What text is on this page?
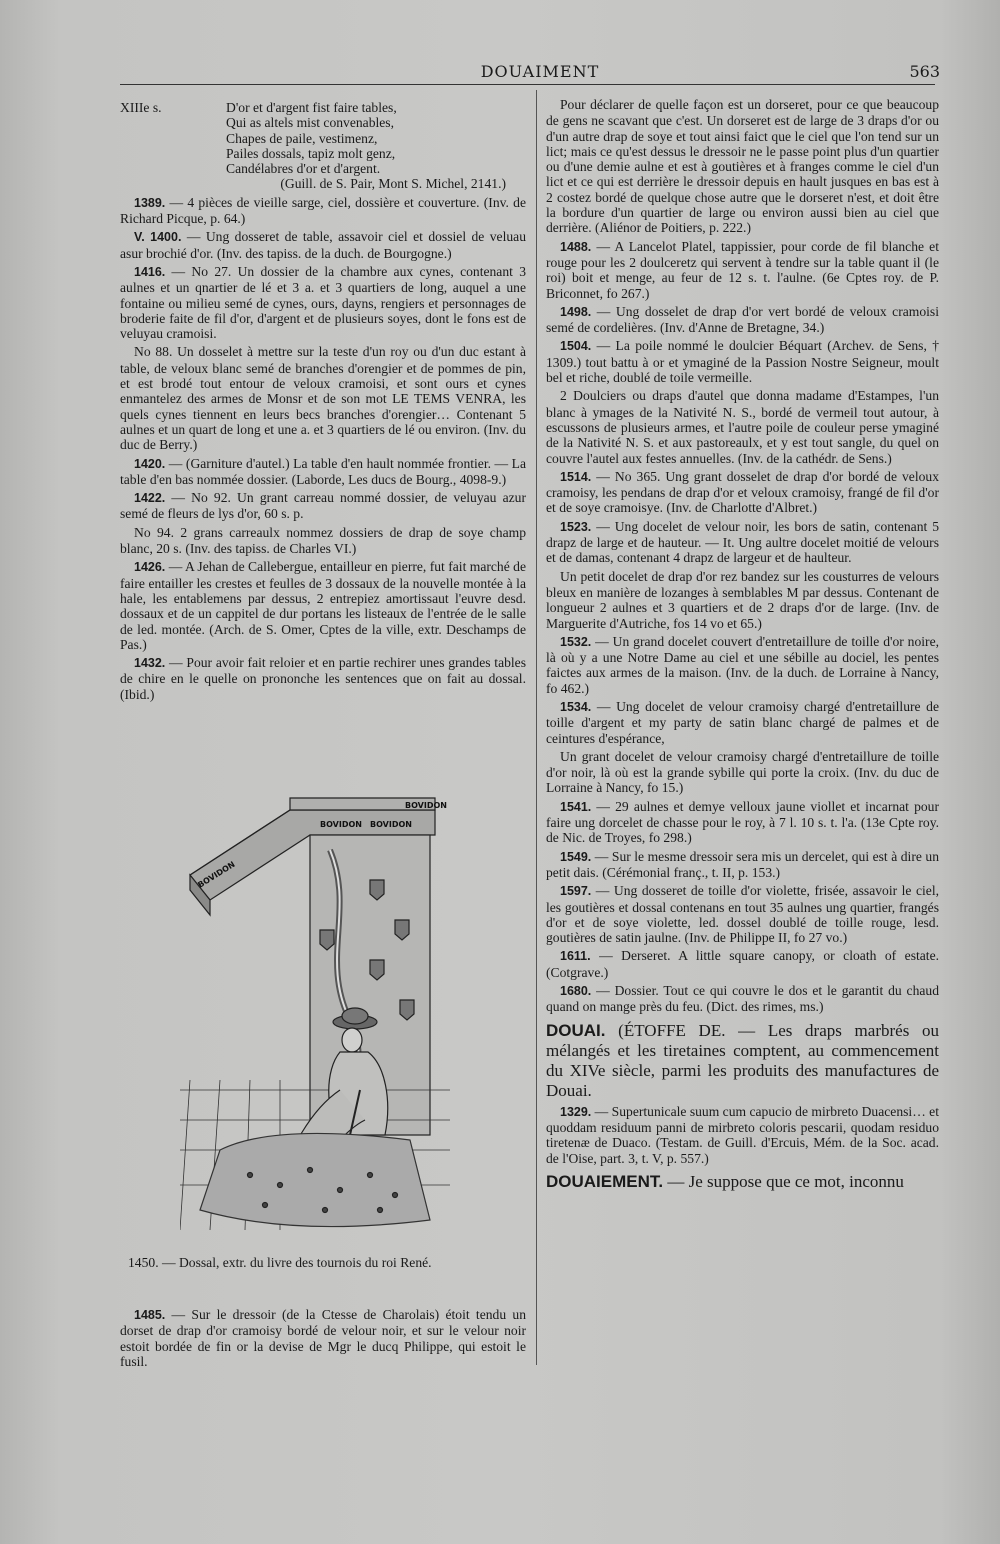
DOUAIMENT	563
XIIIe s.	D'or et d'argent fist faire tables,
Qui as altels mist convenables,
Chapes de paile, vestimenz,
Pailes dossals, tapiz molt genz,
Candélabres d'or et d'argent.
(Guill. de S. Pair, Mont S. Michel, 2141.)

1389. — 4 pièces de vieille sarge, ciel, dossière et couverture. (Inv. de Richard Picque, p. 64.)

V. 1400. — Ung dosseret de table, assavoir ciel et dossiel de veluau asur brochié d'or. (Inv. des tapiss. de la duch. de Bourgogne.)

1416. — No 27. Un dossier de la chambre aux cynes, contenant 3 aulnes et un qnartier de lé et 3 a. et 3 quartiers de long, auquel a une fontaine ou milieu semé de cynes, ours, dayns, rengiers et personnages de broderie faite de fil d'or, d'argent et de plusieurs soyes, dont le fons est de veluyau cramoisi.

No 88. Un dosselet à mettre sur la teste d'un roy ou d'un duc estant à table, de veloux blanc semé de branches d'orengier et de pommes de pin, et est brodé tout entour de veloux cramoisi, et sont ours et cynes enmantelez des armes de Monsr et de son mot LE TEMS VENRA, les quels cynes tiennent en leurs becs branches d'orengier… Contenant 5 aulnes et un quart de long et une a. et 3 quartiers de lé ou environ. (Inv. du duc de Berry.)

1420. — (Garniture d'autel.) La table d'en hault nommée frontier. — La table d'en bas nommée dossier. (Laborde, Les ducs de Bourg., 4098-9.)

1422. — No 92. Un grant carreau nommé dossier, de veluyau azur semé de fleurs de lys d'or, 60 s. p.

No 94. 2 grans carreaulx nommez dossiers de drap de soye champ blanc, 20 s. (Inv. des tapiss. de Charles VI.)

1426. — A Jehan de Callebergue, entailleur en pierre, fut fait marché de faire entailler les crestes et feulles de 3 dossaux de la nouvelle montée à la hale, les entablemens par dessus, 2 entrepiez amortissaut l'euvre desd. dossaux et de un cappitel de dur portans les listeaux de l'entrée de le salle de led. montée. (Arch. de S. Omer, Cptes de la ville, extr. Deschamps de Pas.)

1432. — Pour avoir fait reloier et en partie rechirer unes grandes tables de chire en le quelle on prononche les sentences que on fait au dossal. (Ibid.)

BOVIDON BOVIDON
BOVIDON
BOVIDON
1450. — Dossal, extr. du livre des tournois du roi René.

1485. — Sur le dressoir (de la Ctesse de Charolais) étoit tendu un dorset de drap d'or cramoisy bordé de velour noir, et sur le velour noir estoit bordée de fin or la devise de Mgr le ducq Philippe, qui estoit le fusil.

Pour déclarer de quelle façon est un dorseret, pour ce que beaucoup de gens ne scavant que c'est. Un dorseret est de large de 3 draps d'or ou d'un autre drap de soye et tout ainsi faict que le ciel que l'on tend sur un lict; mais ce qu'est dessus le dressoir ne le passe point plus d'un quartier ou d'une demie aulne et est à goutières et à franges comme le ciel d'un lict et ce qui est derrière le dressoir depuis en hault jusques en bas est à 2 costez bordé de quelque chose autre que le dorseret n'est, et doit être la bordure d'un quartier de large ou environ aussi bien au ciel que derrière. (Aliénor de Poitiers, p. 222.)

1488. — A Lancelot Platel, tappissier, pour corde de fil blanche et rouge pour les 2 doulceretz qui servent à tendre sur la table quant il (le roi) boit et menge, au feur de 12 s. t. l'aulne. (6e Cptes roy. de P. Briconnet, fo 267.)

1498. — Ung dosselet de drap d'or vert bordé de veloux cramoisi semé de cordelières. (Inv. d'Anne de Bretagne, 34.)

1504. — La poile nommé le doulcier Béquart (Archev. de Sens, † 1309.) tout battu à or et ymaginé de la Passion Nostre Seigneur, moult bel et riche, doublé de toile vermeille.

2 Doulciers ou draps d'autel que donna madame d'Estampes, l'un blanc à ymages de la Nativité N. S., bordé de vermeil tout autour, à escussons de plusieurs armes, et l'autre poile de couleur perse ymaginé de la Nativité N. S. et aux pastoreaulx, et y est tout sangle, du quel on couvre l'autel aux festes annuelles. (Inv. de la cathédr. de Sens.)

1514. — No 365. Ung grant dosselet de drap d'or bordé de veloux cramoisy, les pendans de drap d'or et veloux cramoisy, frangé de fil d'or et de soye cramoisye. (Inv. de Charlotte d'Albret.)

1523. — Ung docelet de velour noir, les bors de satin, contenant 5 drapz de large et de hauteur. — It. Ung aultre docelet moitié de velours et de damas, contenant 4 drapz de largeur et de haulteur.

Un petit docelet de drap d'or rez bandez sur les cousturres de velours bleux en manière de lozanges à semblables M par dessus. Contenant de longueur 2 aulnes et 3 quartiers et de 2 draps d'or de large. (Inv. de Marguerite d'Autriche, fos 14 vo et 65.)

1532. — Un grand docelet couvert d'entretaillure de toille d'or noire, là où y a une Notre Dame au ciel et une sébille au dociel, les pentes faictes aux armes de la maison. (Inv. de la duch. de Lorraine à Nancy, fo 462.)

1534. — Ung docelet de velour cramoisy chargé d'entretaillure de toille d'argent et my party de satin blanc chargé de palmes et de ceintures d'espérance,

Un grant docelet de velour cramoisy chargé d'entretaillure de toille d'or noir, là où est la grande sybille qui porte la croix. (Inv. du duc de Lorraine à Nancy, fo 15.)

1541. — 29 aulnes et demye velloux jaune viollet et incarnat pour faire ung dorcelet de chasse pour le roy, à 7 l. 10 s. t. l'a. (13e Cpte roy. de Nic. de Troyes, fo 298.)

1549. — Sur le mesme dressoir sera mis un dercelet, qui est à dire un petit dais. (Cérémonial franç., t. II, p. 153.)

1597. — Ung dosseret de toille d'or violette, frisée, assavoir le ciel, les goutières et dossal contenans en tout 35 aulnes ung quartier, frangés d'or et de soye violette, led. dossel doublé de toille rouge, lesd. goutières de satin jaulne. (Inv. de Philippe II, fo 27 vo.)

1611. — Derseret. A little square canopy, or cloath of estate. (Cotgrave.)

1680. — Dossier. Tout ce qui couvre le dos et le garantit du chaud quand on mange près du feu. (Dict. des rimes, ms.)

DOUAI. (ÉTOFFE DE. — Les draps marbrés ou mélangés et les tiretaines comptent, au commencement du XIVe siècle, parmi les produits des manufactures de Douai.

1329. — Supertunicale suum cum capucio de mirbreto Duacensi… et quoddam residuum panni de mirbreto coloris pescarii, quodam residuo tiretenæ de Duaco. (Testam. de Guill. d'Ercuis, Mém. de la Soc. acad. de l'Oise, part. 3, t. V, p. 557.)

DOUAIEMENT. — Je suppose que ce mot, inconnu
